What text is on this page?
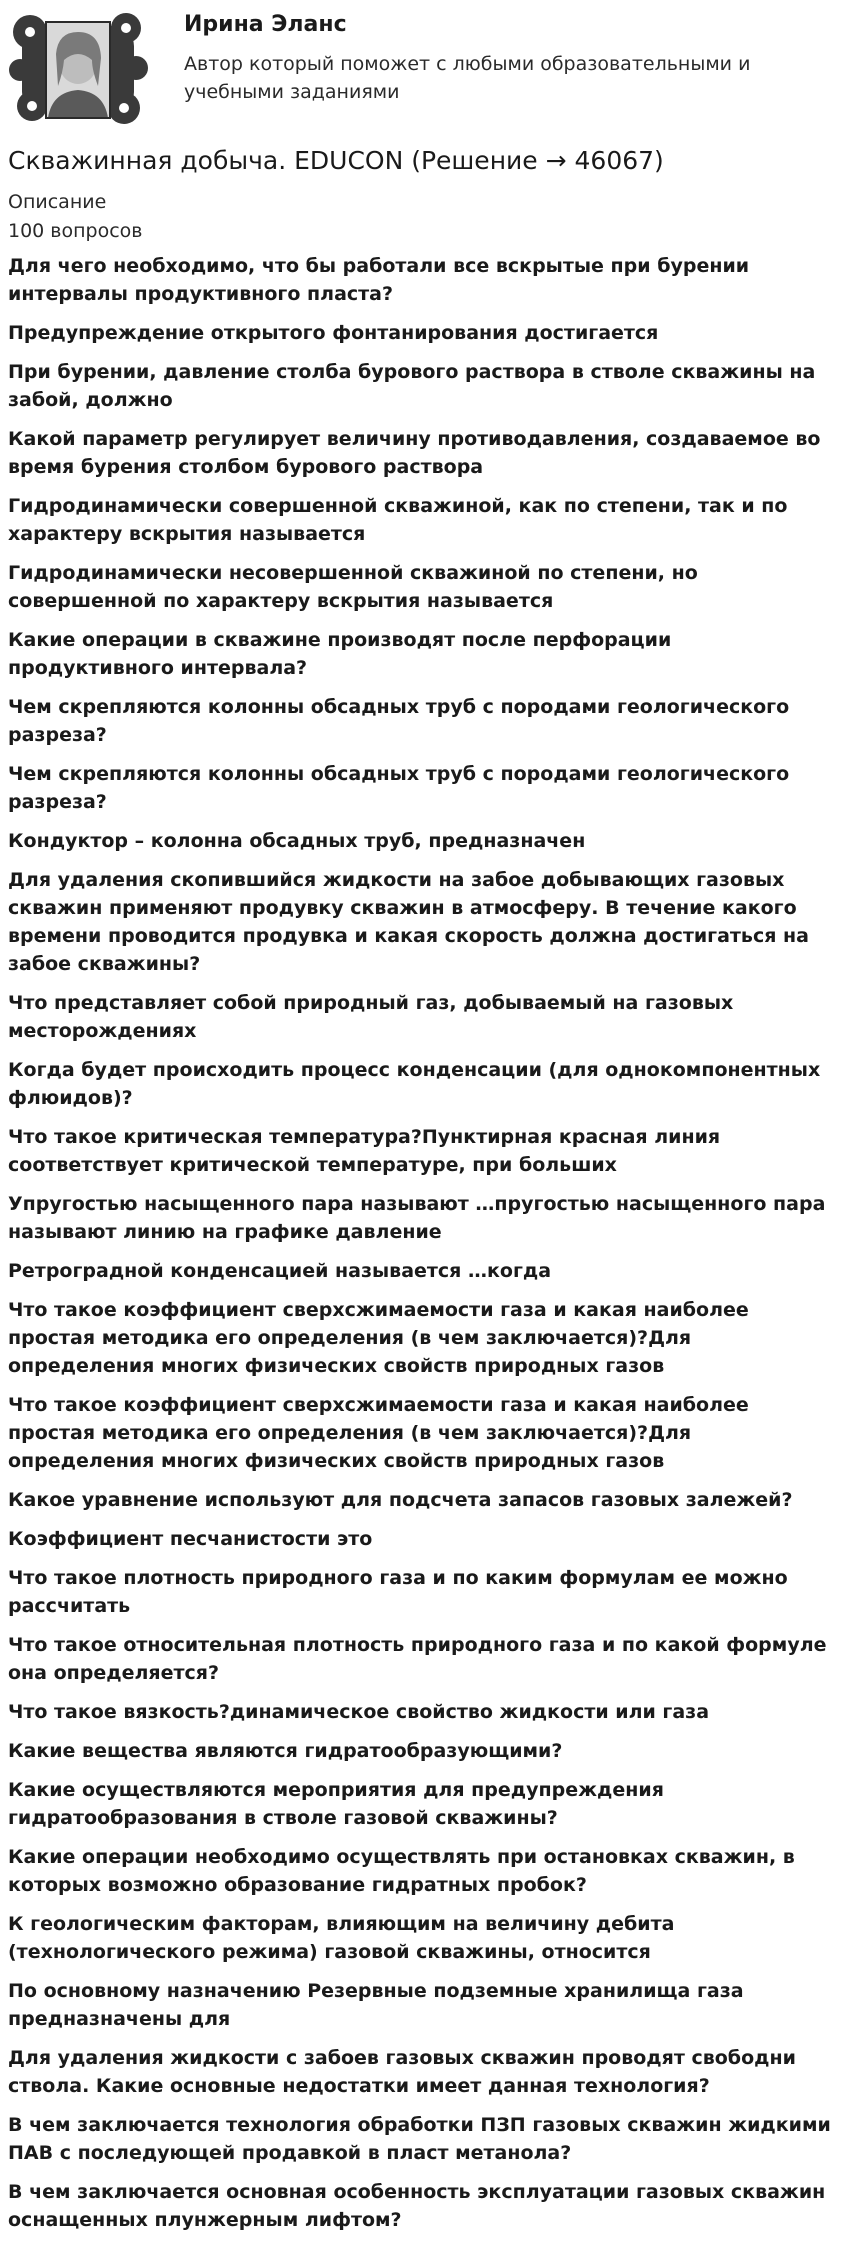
Ирина Эланс

Автор который поможет с любыми образовательными и учебными заданиями

Скважинная добыча. EDUCON (Решение → 46067)

Описание

100 вопросов

Для чего необходимо, что бы работали все вскрытые при бурении интервалы продуктивного пласта?
Предупреждение открытого фонтанирования достигается
При бурении, давление столба бурового раствора в стволе скважины на забой, должно
Какой параметр регулирует величину противодавления, создаваемое во время бурения столбом бурового раствора
Гидродинамически совершенной скважиной, как по степени, так и по характеру вскрытия называется
Гидродинамически несовершенной скважиной по степени, но совершенной по характеру вскрытия называется
Какие операции в скважине производят после перфорации продуктивного интервала?
Чем скрепляются колонны обсадных труб с породами геологического разреза?
Чем скрепляются колонны обсадных труб с породами геологического разреза?
Кондуктор – колонна обсадных труб, предназначен
Для удаления скопившийся жидкости на забое добывающих газовых скважин применяют продувку скважин в атмосферу. В течение какого времени проводится продувка и какая скорость должна достигаться на забое скважины?
Что представляет собой природный газ, добываемый на газовых месторождениях
Когда будет происходить процесс конденсации (для однокомпонентных флюидов)?
Что такое критическая температура?Пунктирная красная линия соответствует критической температуре, при больших
Упругостью насыщенного пара называют …пругостью насыщенного пара называют линию на графике давление
Ретроградной конденсацией называется …когда
Что такое коэффициент сверхсжимаемости газа и какая наиболее простая методика его определения (в чем заключается)?Для определения многих физических свойств природных газов
Что такое коэффициент сверхсжимаемости газа и какая наиболее простая методика его определения (в чем заключается)?Для определения многих физических свойств природных газов
Какое уравнение используют для подсчета запасов газовых залежей?
Коэффициент песчанистости это
Что такое плотность природного газа и по каким формулам ее можно рассчитать
Что такое относительная плотность природного газа и по какой формуле она определяется?
Что такое вязкость?динамическое свойство жидкости или газа
Какие вещества являются гидратообразующими?
Какие осуществляются мероприятия для предупреждения гидратообразования в стволе газовой скважины?
Какие операции необходимо осуществлять при остановках скважин, в которых возможно образование гидратных пробок?
К геологическим факторам, влияющим на величину дебита (технологического режима) газовой скважины, относится
По основному назначению Резервные подземные хранилища газа предназначены для
Для удаления жидкости с забоев газовых скважин проводят свободни ствола. Какие основные недостатки имеет данная технология?
В чем заключается технология обработки ПЗП газовых скважин жидкими ПАВ с последующей продавкой в пласт метанола?
В чем заключается основная особенность эксплуатации газовых скважин оснащенных плунжерным лифтом?
